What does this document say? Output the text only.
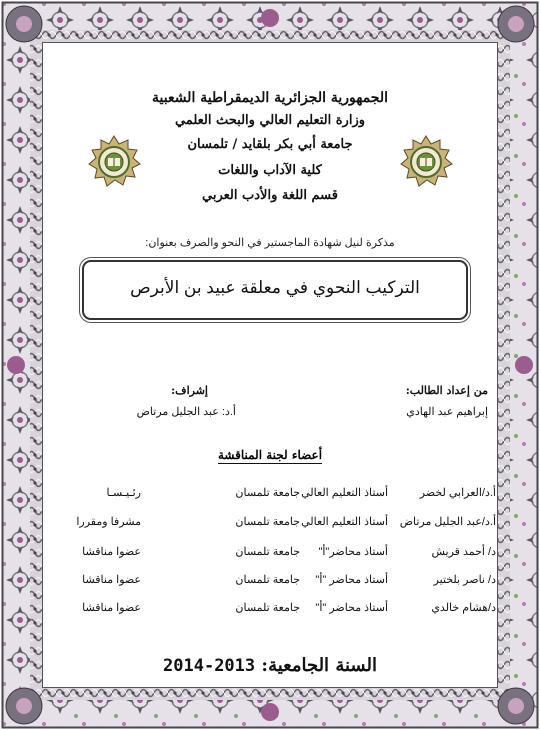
الجمهورية الجزائرية الديمقراطية الشعبية
وزارة التعليم العالي والبحث العلمي
جامعة أبي بكر بلقايد / تلمسان
كلية الآداب واللغات
قسم اللغة والأدب العربي
مذكرة لنيل شهادة الماجستير في النحو والصرف بعنوان:
التركيب النحوي في معلقة عبيد بن الأبرص
من إعداد الطالب:
إبراهيم عبد الهادي
إشراف:
أ.د: عبد الجليل مرتاض
أعضاء لجنة المناقشة
أ.د/العرابي لخضر
أستاذ التعليم العالي
جامعة تلمسان
رئـيـسـا
أ.د/عبد الجليل مرتاض
أستاذ التعليم العالي
جامعة تلمسان
مشرفا ومقررا
د/ أحمد قريش
أستاذ محاضر"أ"
جامعة تلمسان
عضوا مناقشا
د/ ناصر بلختير
أستاذ محاضر "أ"
جامعة تلمسان
عضوا مناقشا
د/هشام خالدي
أستاذ محاضر "أ"
جامعة تلمسان
عضوا مناقشا
السنة الجامعية: 2014-2013
